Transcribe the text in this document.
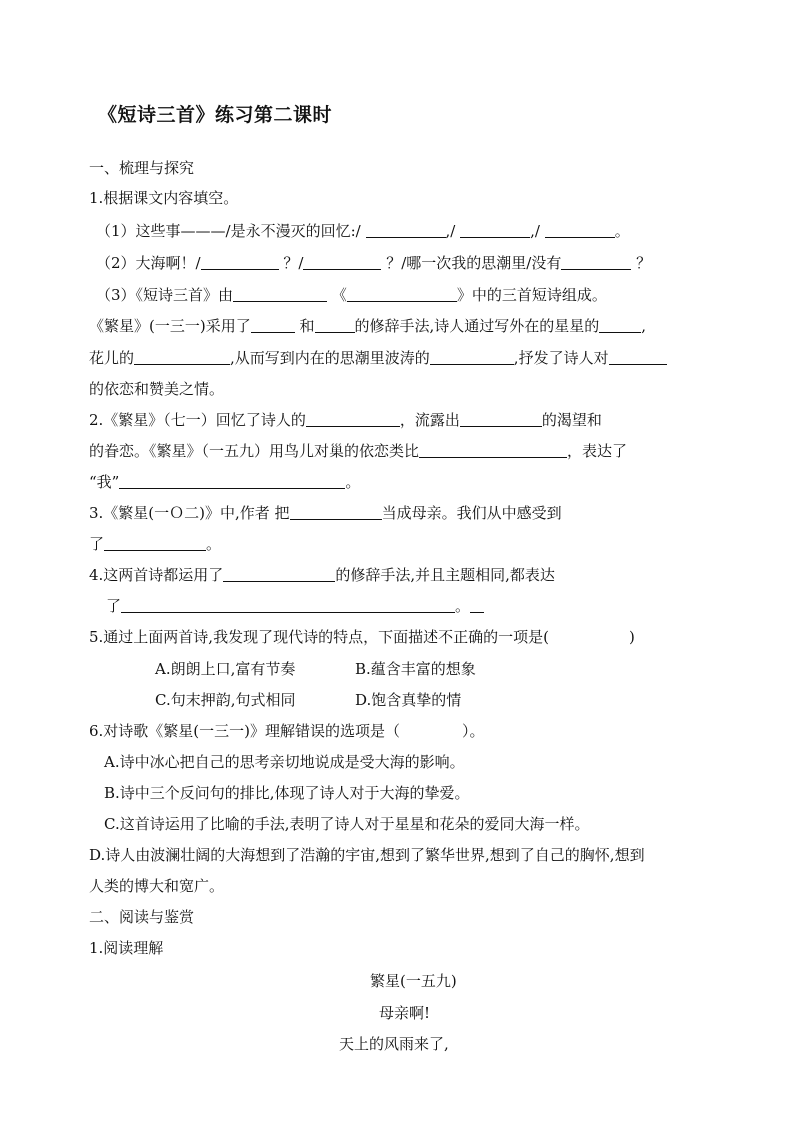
《短诗三首》练习第二课时
一、梳理与探究
1.根据课文内容填空。
（1）这些事———/是永不漫灭的回忆:/	,/	,/	。
（2）大海啊！/	？/	？/哪一次我的思潮里/没有	？
（3）《短诗三首》由	《	》中的三首短诗组成。
《繁星》(一三一)采用了	和	的修辞手法,诗人通过写外在的星星的	,
花儿的	,从而写到内在的思潮里波涛的	,抒发了诗人对
的依恋和赞美之情。
2.《繁星》（七一）回忆了诗人的	，流露出	的渴望和
的眷恋。《繁星》（一五九）用鸟儿对巢的依恋类比	，表达了
“我”	。
3.《繁星(一Ｏ二)》中,作者 把	当成母亲。我们从中感受到
了	。
4.这两首诗都运用了	的修辞手法,并且主题相同,都表达
了	。
5.通过上面两首诗,我发现了现代诗的特点，下面描述不正确的一项是(	)
A.朗朗上口,富有节奏	B.蕴含丰富的想象
C.句末押韵,句式相同	D.饱含真挚的情
6.对诗歌《繁星(一三一)》理解错误的选项是（	）。
A.诗中冰心把自己的思考亲切地说成是受大海的影响。
B.诗中三个反问句的排比,体现了诗人对于大海的挚爱。
C.这首诗运用了比喻的手法,表明了诗人对于星星和花朵的爱同大海一样。
D.诗人由波澜壮阔的大海想到了浩瀚的宇宙,想到了繁华世界,想到了自己的胸怀,想到
人类的博大和宽广。
二、阅读与鉴赏
1.阅读理解
繁星(一五九)
母亲啊!
天上的风雨来了,
